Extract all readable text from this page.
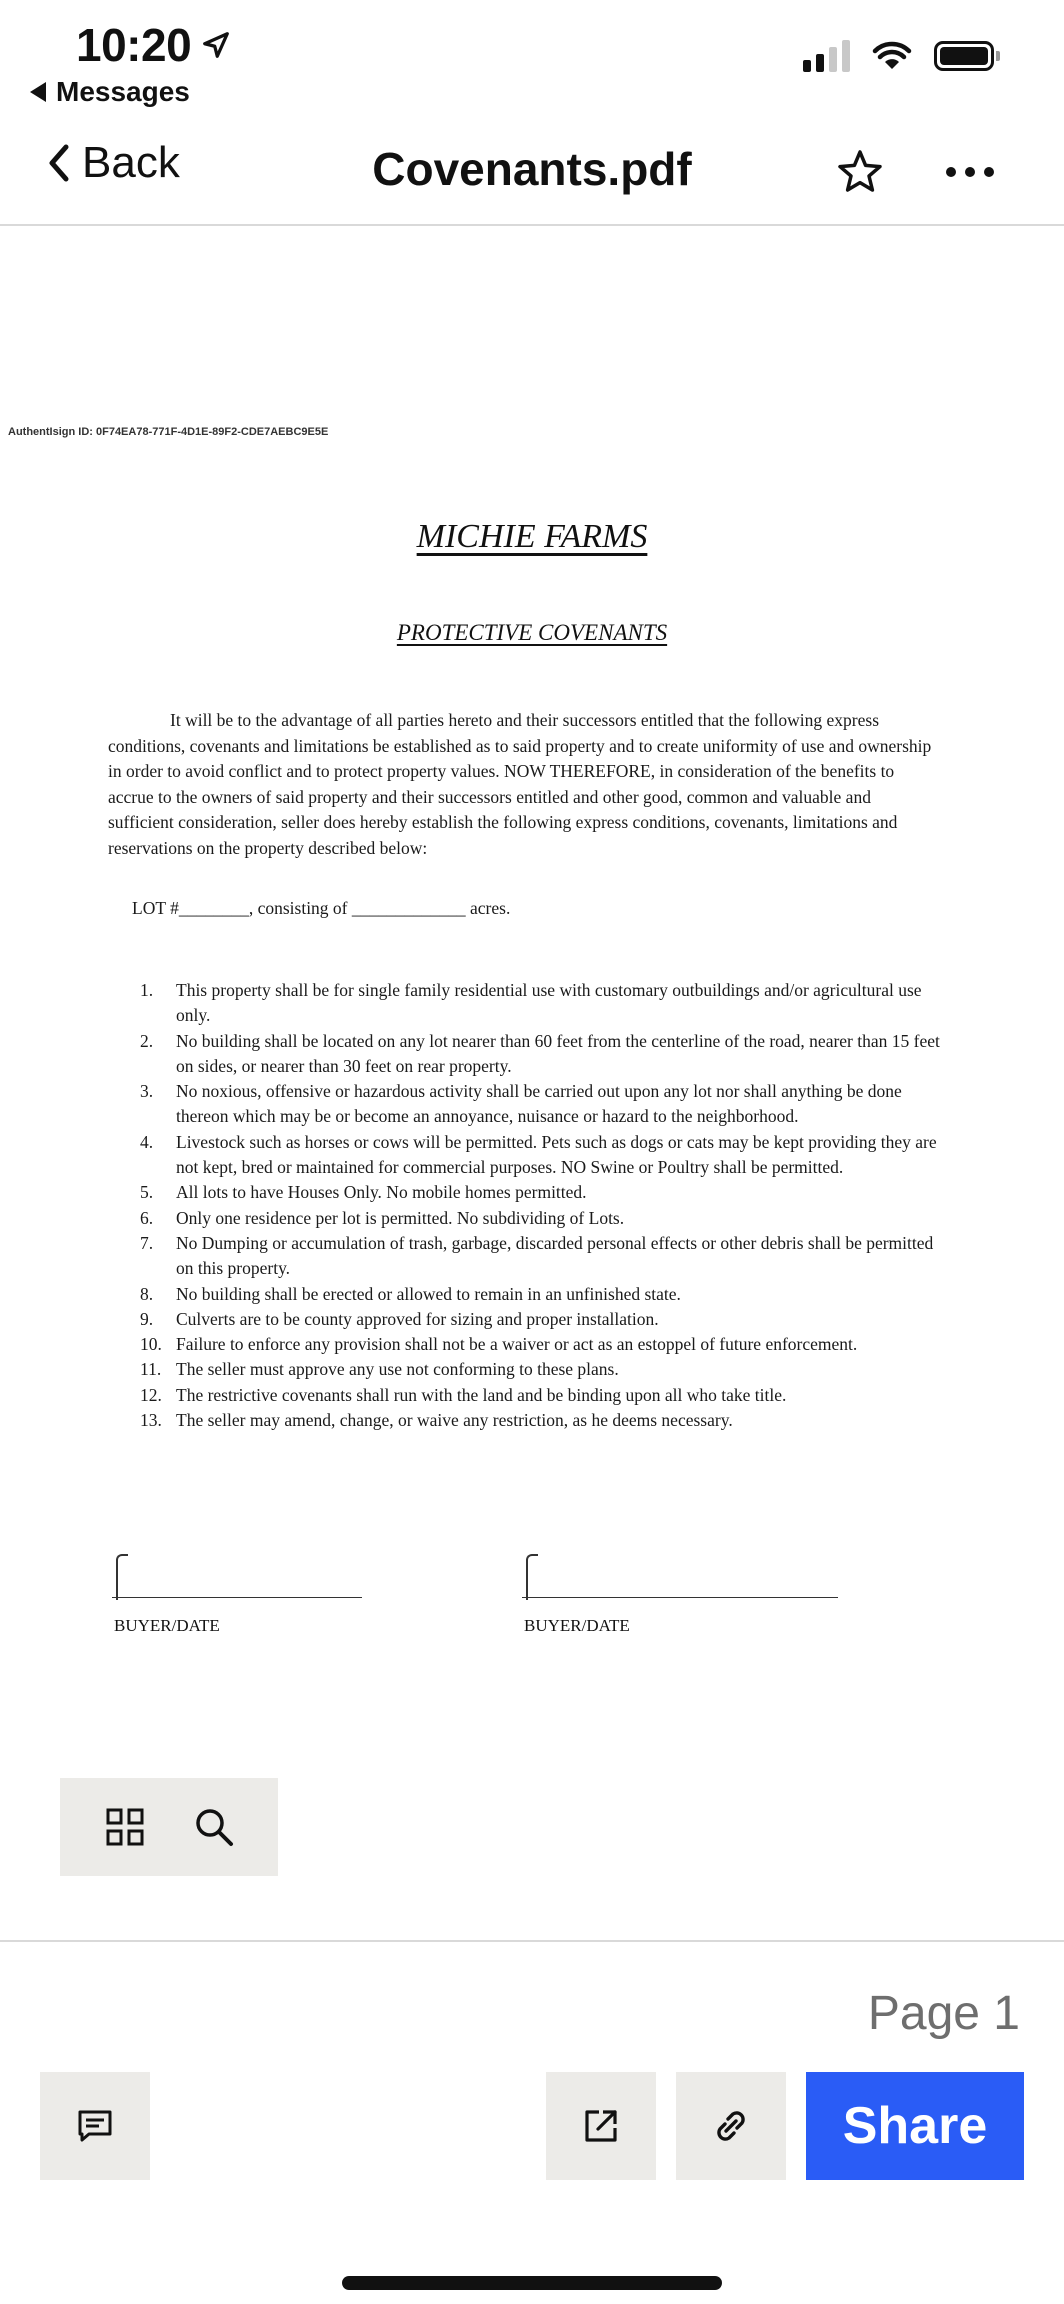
10:20
Messages
Back	Covenants.pdf
AuthentIsign ID: 0F74EA78-771F-4D1E-89F2-CDE7AEBC9E5E
MICHIE FARMS
PROTECTIVE COVENANTS

It will be to the advantage of all parties hereto and their successors entitled that the following express conditions, covenants and limitations be established as to said property and to create uniformity of use and ownership in order to avoid conflict and to protect property values. NOW THEREFORE, in consideration of the benefits to accrue to the owners of said property and their successors entitled and other good, common and valuable and sufficient consideration, seller does hereby establish the following express conditions, covenants, limitations and reservations on the property described below:

LOT #________, consisting of _____________ acres.

1.	This property shall be for single family residential use with customary outbuildings and/or agricultural use only.
2.	No building shall be located on any lot nearer than 60 feet from the centerline of the road, nearer than 15 feet on sides, or nearer than 30 feet on rear property.
3.	No noxious, offensive or hazardous activity shall be carried out upon any lot nor shall anything be done thereon which may be or become an annoyance, nuisance or hazard to the neighborhood.
4.	Livestock such as horses or cows will be permitted. Pets such as dogs or cats may be kept providing they are not kept, bred or maintained for commercial purposes. NO Swine or Poultry shall be permitted.
5.	All lots to have Houses Only. No mobile homes permitted.
6.	Only one residence per lot is permitted. No subdividing of Lots.
7.	No Dumping or accumulation of trash, garbage, discarded personal effects or other debris shall be permitted on this property.
8.	No building shall be erected or allowed to remain in an unfinished state.
9.	Culverts are to be county approved for sizing and proper installation.
10. Failure to enforce any provision shall not be a waiver or act as an estoppel of future enforcement.
11. The seller must approve any use not conforming to these plans.
12. The restrictive covenants shall run with the land and be binding upon all who take title.
13. The seller may amend, change, or waive any restriction, as he deems necessary.
BUYER/DATE	BUYER/DATE
Page 1
Share
